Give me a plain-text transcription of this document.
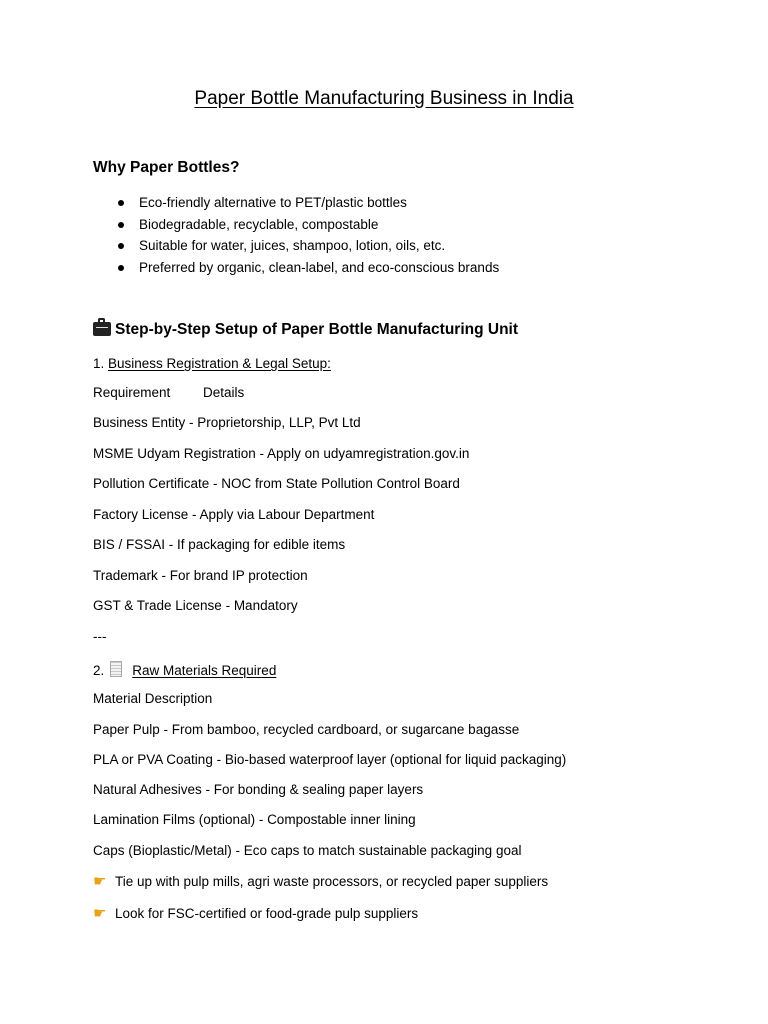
Paper Bottle Manufacturing Business in India
Why Paper Bottles?
Eco-friendly alternative to PET/plastic bottles
Biodegradable, recyclable, compostable
Suitable for water, juices, shampoo, lotion, oils, etc.
Preferred by organic, clean-label, and eco-conscious brands
Step-by-Step Setup of Paper Bottle Manufacturing Unit
1. Business Registration & Legal Setup:
Requirement Details
Business Entity - Proprietorship, LLP, Pvt Ltd
MSME Udyam Registration - Apply on udyamregistration.gov.in
Pollution Certificate - NOC from State Pollution Control Board
Factory License - Apply via Labour Department
BIS / FSSAI - If packaging for edible items
Trademark - For brand IP protection
GST & Trade License - Mandatory
---
2. Raw Materials Required
Material Description
Paper Pulp - From bamboo, recycled cardboard, or sugarcane bagasse
PLA or PVA Coating - Bio-based waterproof layer (optional for liquid packaging)
Natural Adhesives - For bonding & sealing paper layers
Lamination Films (optional) - Compostable inner lining
Caps (Bioplastic/Metal) - Eco caps to match sustainable packaging goal
☛ Tie up with pulp mills, agri waste processors, or recycled paper suppliers
☛ Look for FSC-certified or food-grade pulp suppliers
